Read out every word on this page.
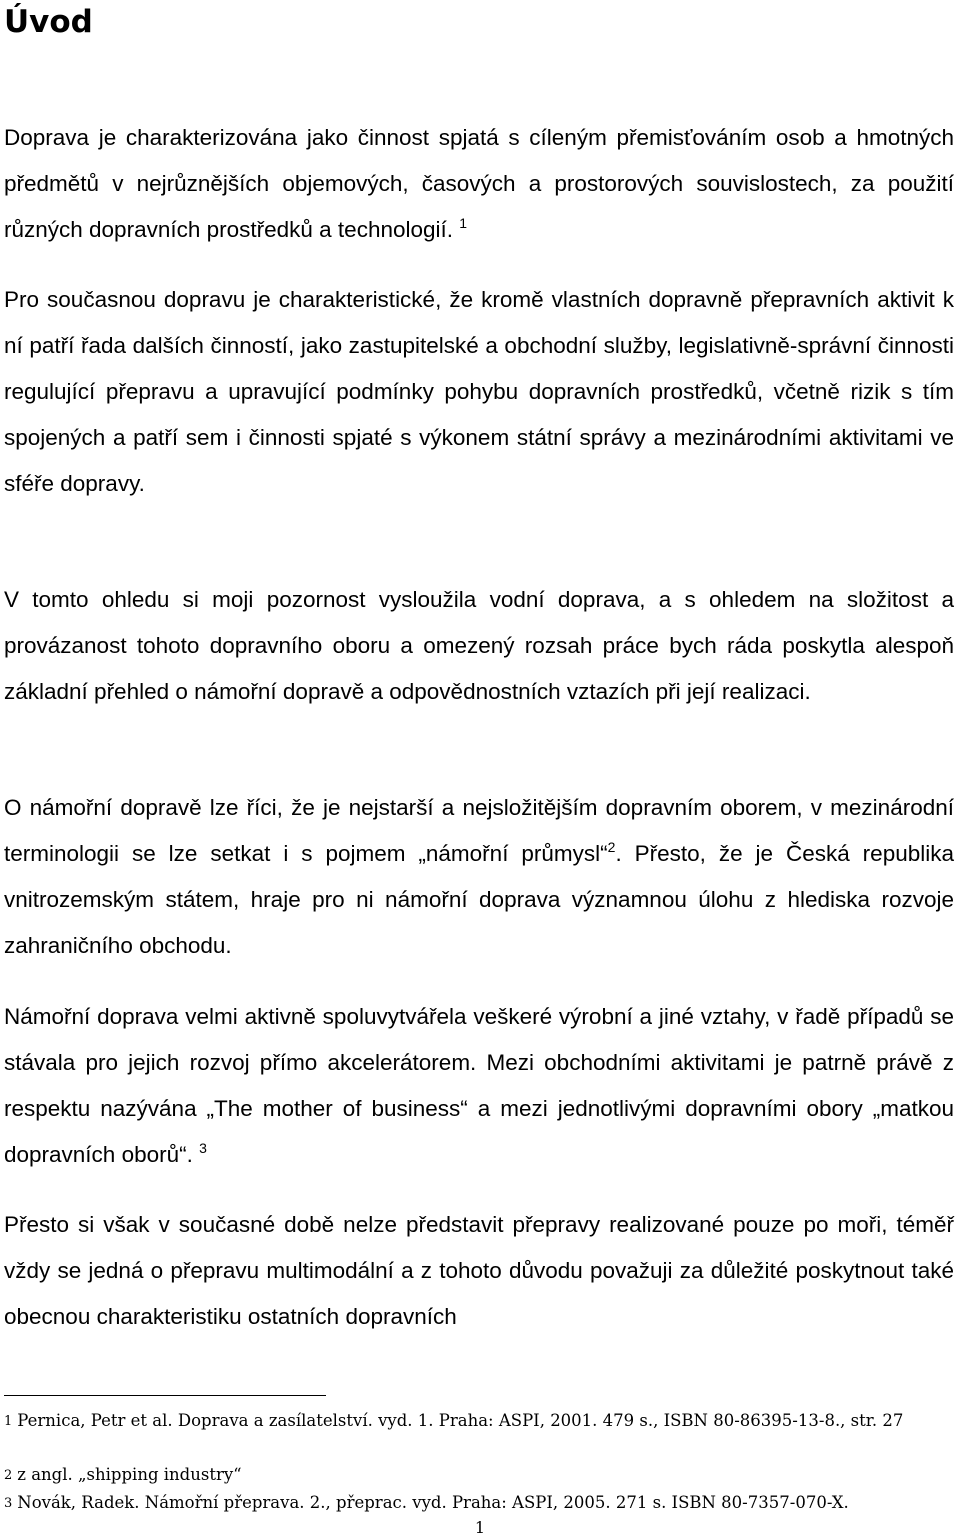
Úvod

Doprava je charakterizována jako činnost spjatá s cíleným přemisťováním osob a hmotných předmětů v nejrůznějších objemových, časových a prostorových souvislostech, za použití různých dopravních prostředků a technologií. $^1$

Pro současnou dopravu je charakteristické, že kromě vlastních dopravně přepravních aktivit k ní patří řada dalších činností, jako zastupitelské a obchodní služby, legislativně-správní činnosti regulující přepravu a upravující podmínky pohybu dopravních prostředků, včetně rizik s tím spojených a patří sem i činnosti spjaté s výkonem státní správy a mezinárodními aktivitami ve sféře dopravy.

V tomto ohledu si moji pozornost vysloužila vodní doprava, a s ohledem na složitost a provázanost tohoto dopravního oboru a omezený rozsah práce bych ráda poskytla alespoň základní přehled o námořní dopravě a odpovědnostních vztazích při její realizaci.

O námořní dopravě lze říci, že je nejstarší a nejsložitějším dopravním oborem, v mezinárodní terminologii se lze setkat i s pojmem „námořní průmysl“$^2$. Přesto, že je Česká republika vnitrozemským státem, hraje pro ni námořní doprava významnou úlohu z hlediska rozvoje zahraničního obchodu.

Námořní doprava velmi aktivně spoluvytvářela veškeré výrobní a jiné vztahy, v řadě případů se stávala pro jejich rozvoj přímo akcelerátorem. Mezi obchodními aktivitami je patrně právě z respektu nazývána „The mother of business“ a mezi jednotlivými dopravními obory „matkou dopravních oborů“. $^3$

Přesto si však v současné době nelze představit přepravy realizované pouze po moři, téměř vždy se jedná o přepravu multimodální a z tohoto důvodu považuji za důležité poskytnout také obecnou charakteristiku ostatních dopravních

1 Pernica, Petr et al. Doprava a zasílatelství. vyd. 1. Praha: ASPI, 2001. 479 s., ISBN 80-86395-13-8., str. 27

2 z angl. „shipping industry“

3 Novák, Radek. Námořní přeprava. 2., přeprac. vyd. Praha: ASPI, 2005. 271 s. ISBN 80-7357-070-X.

1
